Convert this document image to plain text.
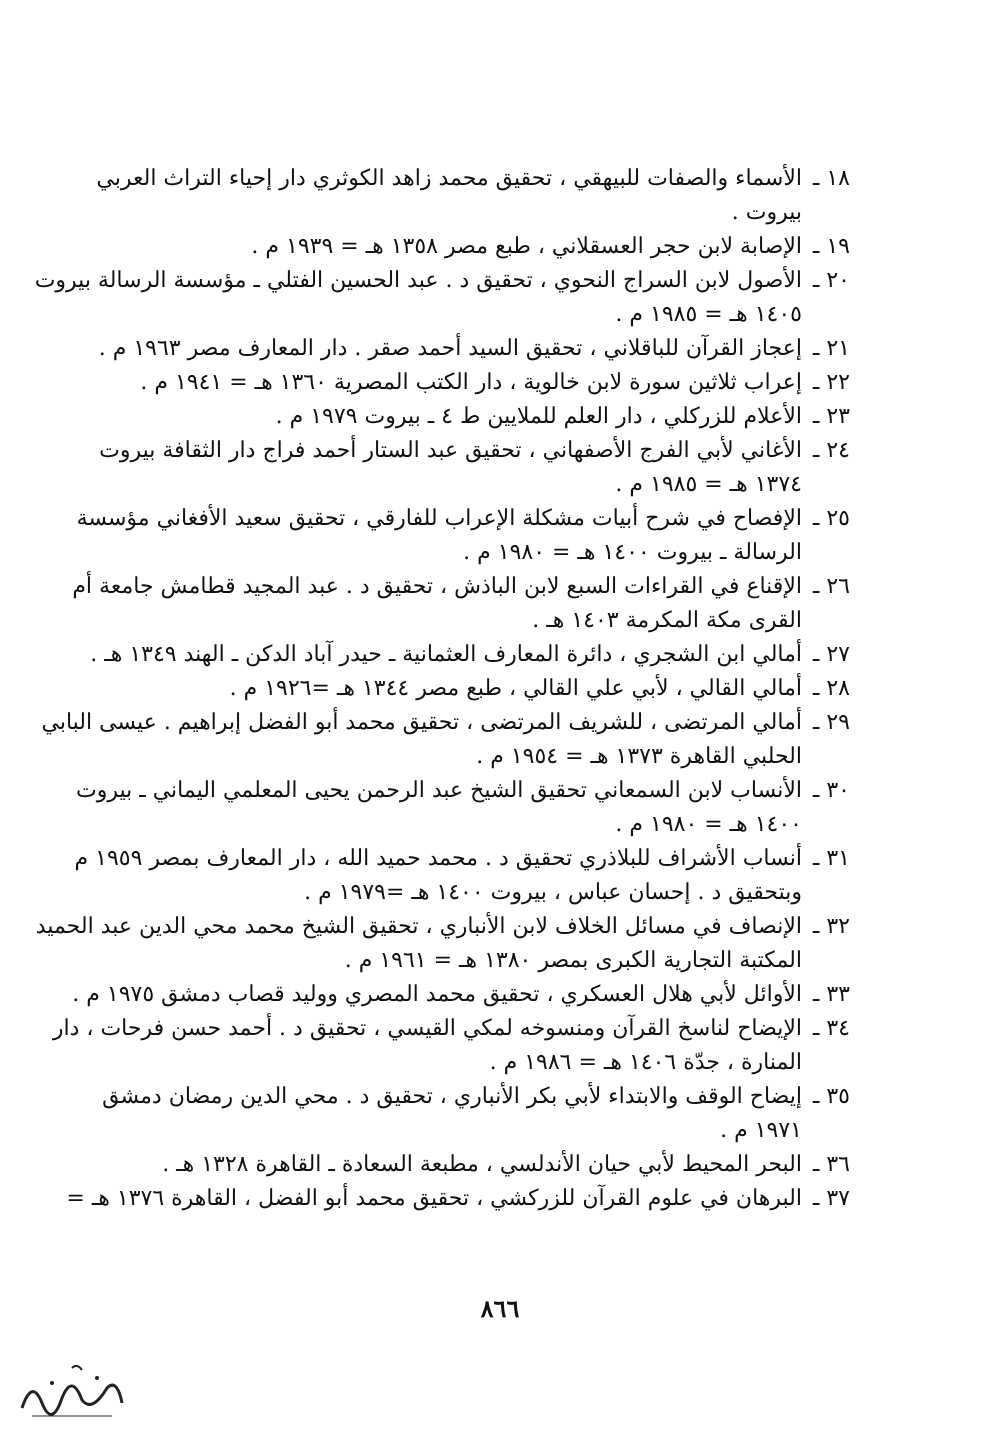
١٨ ـالأسماء والصفات للبيهقي ، تحقيق محمد زاهد الكوثري دار إحياء التراث العربي
بيروت .
١٩ ـالإصابة لابن حجر العسقلاني ، طبع مصر ١٣٥٨ هـ = ١٩٣٩ م .
٢٠ ـالأصول لابن السراج النحوي ، تحقيق د . عبد الحسين الفتلي ـ مؤسسة الرسالة بيروت
١٤٠٥ هـ = ١٩٨٥ م .
٢١ ـإعجاز القرآن للباقلاني ، تحقيق السيد أحمد صقر . دار المعارف مصر ١٩٦٣ م .
٢٢ ـإعراب ثلاثين سورة لابن خالوية ، دار الكتب المصرية ١٣٦٠ هـ = ١٩٤١ م .
٢٣ ـالأعلام للزركلي ، دار العلم للملايين ط ٤ ـ بيروت ١٩٧٩ م .
٢٤ ـالأغاني لأبي الفرج الأصفهاني ، تحقيق عبد الستار أحمد فراج دار الثقافة بيروت
١٣٧٤ هـ = ١٩٨٥ م .
٢٥ ـالإفصاح في شرح أبيات مشكلة الإعراب للفارقي ، تحقيق سعيد الأفغاني مؤسسة
الرسالة ـ بيروت ١٤٠٠ هـ = ١٩٨٠ م .
٢٦ ـالإقناع في القراءات السبع لابن الباذش ، تحقيق د . عبد المجيد قطامش جامعة أم
القرى مكة المكرمة ١٤٠٣ هـ .
٢٧ ـأمالي ابن الشجري ، دائرة المعارف العثمانية ـ حيدر آباد الدكن ـ الهند ١٣٤٩ هـ .
٢٨ ـأمالي القالي ، لأبي علي القالي ، طبع مصر ١٣٤٤ هـ =١٩٢٦ م .
٢٩ ـأمالي المرتضى ، للشريف المرتضى ، تحقيق محمد أبو الفضل إبراهيم . عيسى البابي
الحلبي القاهرة ١٣٧٣ هـ = ١٩٥٤ م .
٣٠ ـالأنساب لابن السمعاني تحقيق الشيخ عبد الرحمن يحيى المعلمي اليماني ـ بيروت
١٤٠٠ هـ = ١٩٨٠ م .
٣١ ـأنساب الأشراف للبلاذري تحقيق د . محمد حميد الله ، دار المعارف بمصر ١٩٥٩ م
وبتحقيق د . إحسان عباس ، بيروت ١٤٠٠ هـ =١٩٧٩ م .
٣٢ ـالإنصاف في مسائل الخلاف لابن الأنباري ، تحقيق الشيخ محمد محي الدين عبد الحميد
المكتبة التجارية الكبرى بمصر ١٣٨٠ هـ = ١٩٦١ م .
٣٣ ـالأوائل لأبي هلال العسكري ، تحقيق محمد المصري ووليد قصاب دمشق ١٩٧٥ م .
٣٤ ـالإيضاح لناسخ القرآن ومنسوخه لمكي القيسي ، تحقيق د . أحمد حسن فرحات ، دار
المنارة ، جدّة ١٤٠٦ هـ = ١٩٨٦ م .
٣٥ ـإيضاح الوقف والابتداء لأبي بكر الأنباري ، تحقيق د . محي الدين رمضان دمشق
١٩٧١ م .
٣٦ ـالبحر المحيط لأبي حيان الأندلسي ، مطبعة السعادة ـ القاهرة ١٣٢٨ هـ .
٣٧ ـالبرهان في علوم القرآن للزركشي ، تحقيق محمد أبو الفضل ، القاهرة ١٣٧٦ هـ =
٨٦٦
